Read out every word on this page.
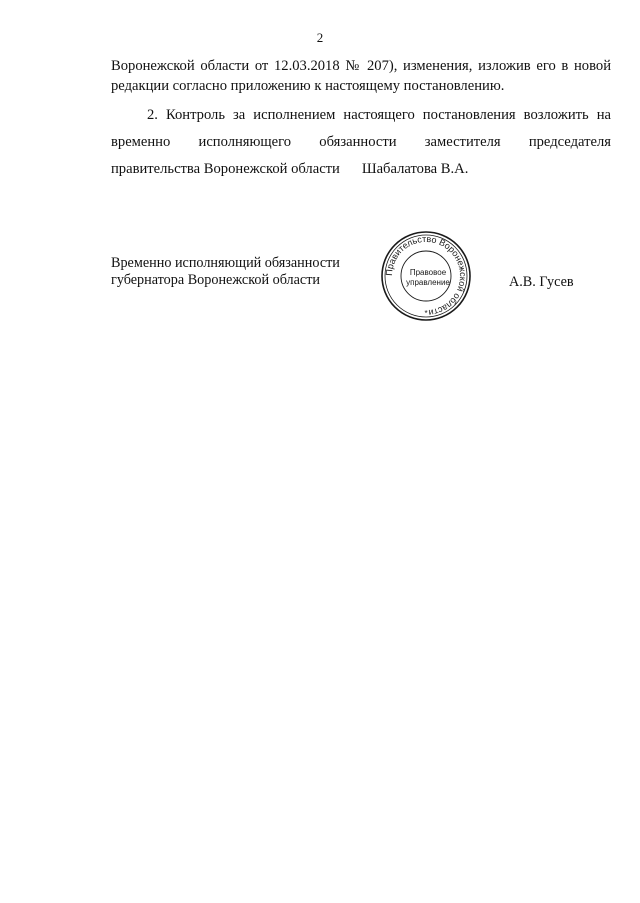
2
Воронежской области от 12.03.2018 № 207), изменения, изложив его в новой
редакции согласно приложению к настоящему постановлению.
2. Контроль за исполнением настоящего постановления возложить на
временно исполняющего обязанности заместителя председателя
правительства Воронежской области Шабалатова В.А.
Временно исполняющий обязанности
губернатора Воронежской области	Правительство Воронежской области
Правовое
управление
*
А.В. Гусев
